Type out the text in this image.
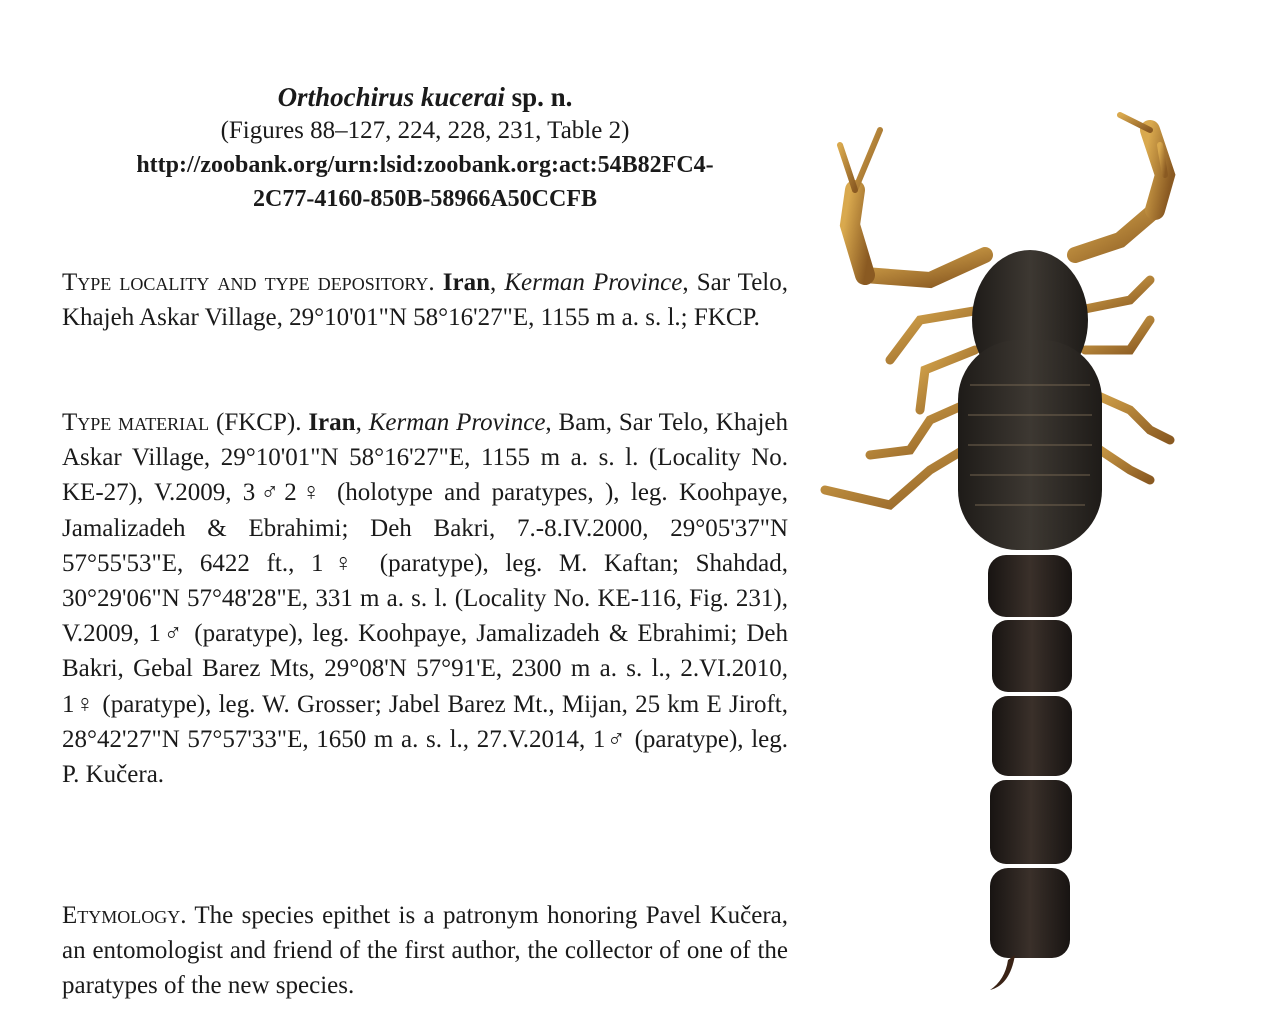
Orthochirus kucerai sp. n.

(Figures 88–127, 224, 228, 231, Table 2)

http://zoobank.org/urn:lsid:zoobank.org:act:54B82FC4-

2C77-4160-850B-58966A50CCFB

Type locality and type depository. Iran, Kerman Province, Sar Telo, Khajeh Askar Village, 29°10'01"N 58°16'27"E, 1155 m a. s. l.; FKCP.

Type material (FKCP). Iran, Kerman Province, Bam, Sar Telo, Khajeh Askar Village, 29°10'01"N 58°16'27"E, 1155 m a. s. l. (Locality No. KE-27), V.2009, 3♂2♀ (holotype and paratypes, ), leg. Koohpaye, Jamalizadeh & Ebrahimi; Deh Bakri, 7.-8.IV.2000, 29°05'37"N 57°55'53"E, 6422 ft., 1♀ (paratype), leg. M. Kaftan; Shahdad, 30°29'06"N 57°48'28"E, 331 m a. s. l. (Locality No. KE-116, Fig. 231), V.2009, 1♂ (paratype), leg. Koohpaye, Jamalizadeh & Ebrahimi; Deh Bakri, Gebal Barez Mts, 29°08'N 57°91'E, 2300 m a. s. l., 2.VI.2010, 1♀ (paratype), leg. W. Grosser; Jabel Barez Mt., Mijan, 25 km E Jiroft, 28°42'27"N 57°57'33"E, 1650 m a. s. l., 27.V.2014, 1♂ (paratype), leg. P. Kučera.

Etymology. The species epithet is a patronym honoring Pavel Kučera, an entomologist and friend of the first author, the collector of one of the paratypes of the new species.
